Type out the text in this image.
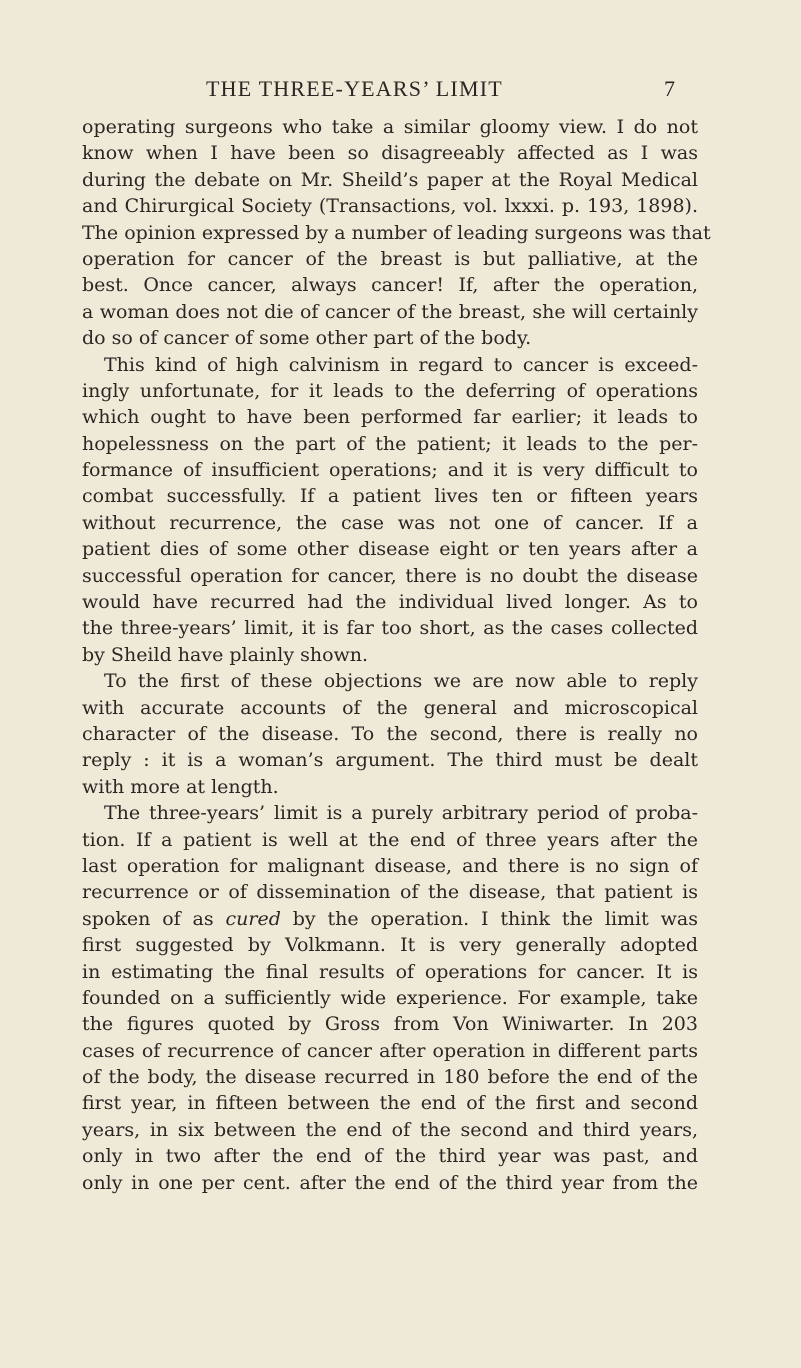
THE THREE-YEARS’ LIMIT	7
operating surgeons who take a similar gloomy view. I do not
know when I have been so disagreeably affected as I was
during the debate on Mr. Sheild’s paper at the Royal Medical
and Chirurgical Society (Transactions, vol. lxxxi. p. 193, 1898).
The opinion expressed by a number of leading surgeons was that
operation for cancer of the breast is but palliative, at the
best. Once cancer, always cancer! If, after the operation,
a woman does not die of cancer of the breast, she will certainly
do so of cancer of some other part of the body.
This kind of high calvinism in regard to cancer is exceed-
ingly unfortunate, for it leads to the deferring of operations
which ought to have been performed far earlier; it leads to
hopelessness on the part of the patient; it leads to the per-
formance of insufficient operations; and it is very difficult to
combat successfully. If a patient lives ten or fifteen years
without recurrence, the case was not one of cancer. If a
patient dies of some other disease eight or ten years after a
successful operation for cancer, there is no doubt the disease
would have recurred had the individual lived longer. As to
the three-years’ limit, it is far too short, as the cases collected
by Sheild have plainly shown.
To the first of these objections we are now able to reply
with accurate accounts of the general and microscopical
character of the disease. To the second, there is really no
reply : it is a woman’s argument. The third must be dealt
with more at length.
The three-years’ limit is a purely arbitrary period of proba-
tion. If a patient is well at the end of three years after the
last operation for malignant disease, and there is no sign of
recurrence or of dissemination of the disease, that patient is
spoken of as cured by the operation. I think the limit was
first suggested by Volkmann. It is very generally adopted
in estimating the final results of operations for cancer. It is
founded on a sufficiently wide experience. For example, take
the figures quoted by Gross from Von Winiwarter. In 203
cases of recurrence of cancer after operation in different parts
of the body, the disease recurred in 180 before the end of the
first year, in fifteen between the end of the first and second
years, in six between the end of the second and third years,
only in two after the end of the third year was past, and
only in one per cent. after the end of the third year from the
